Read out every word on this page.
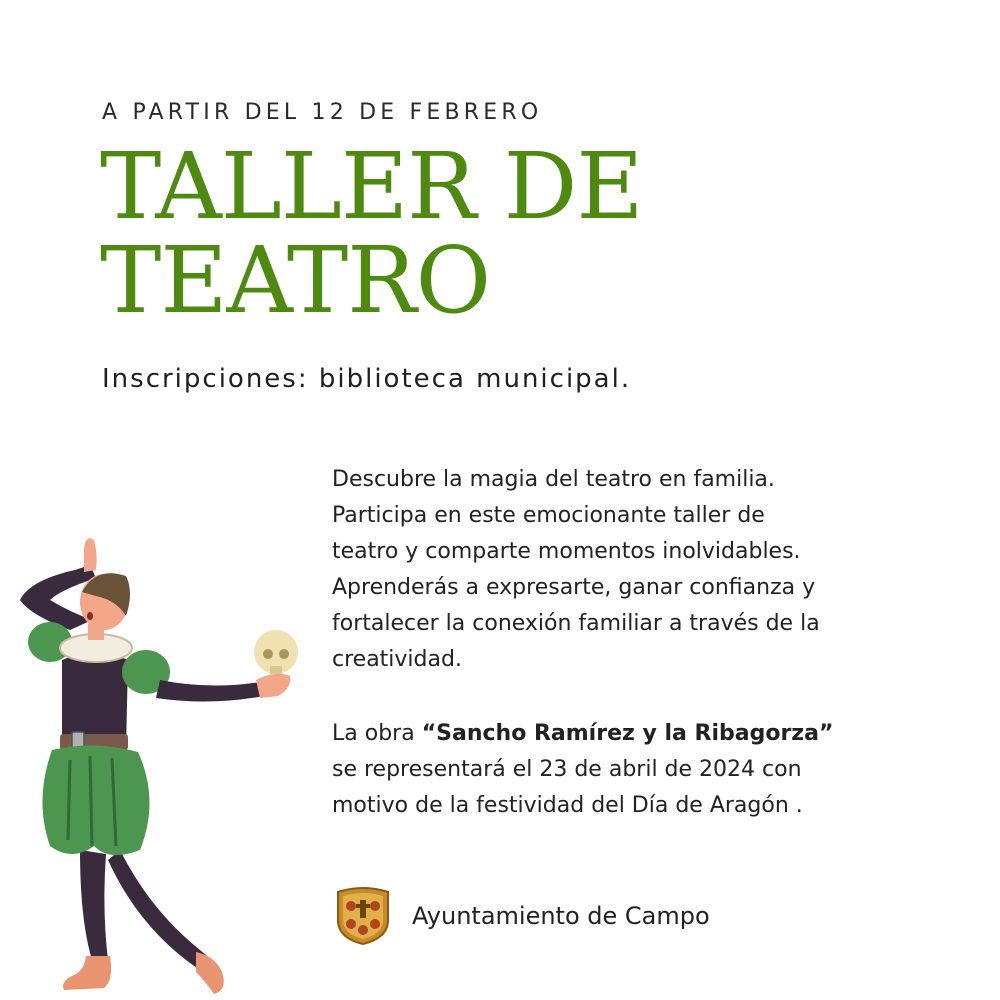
A PARTIR DEL 12 DE FEBRERO
TALLER DE
TEATRO
Inscripciones: biblioteca municipal.

Descubre la magia del teatro en familia.
Participa en este emocionante taller de
teatro y comparte momentos inolvidables.
Aprenderás a expresarte, ganar confianza y
fortalecer la conexión familiar a través de la
creatividad.

La obra “Sancho Ramírez y la Ribagorza”
se representará el 23 de abril de 2024 con
motivo de la festividad del Día de Aragón .

Ayuntamiento de Campo
